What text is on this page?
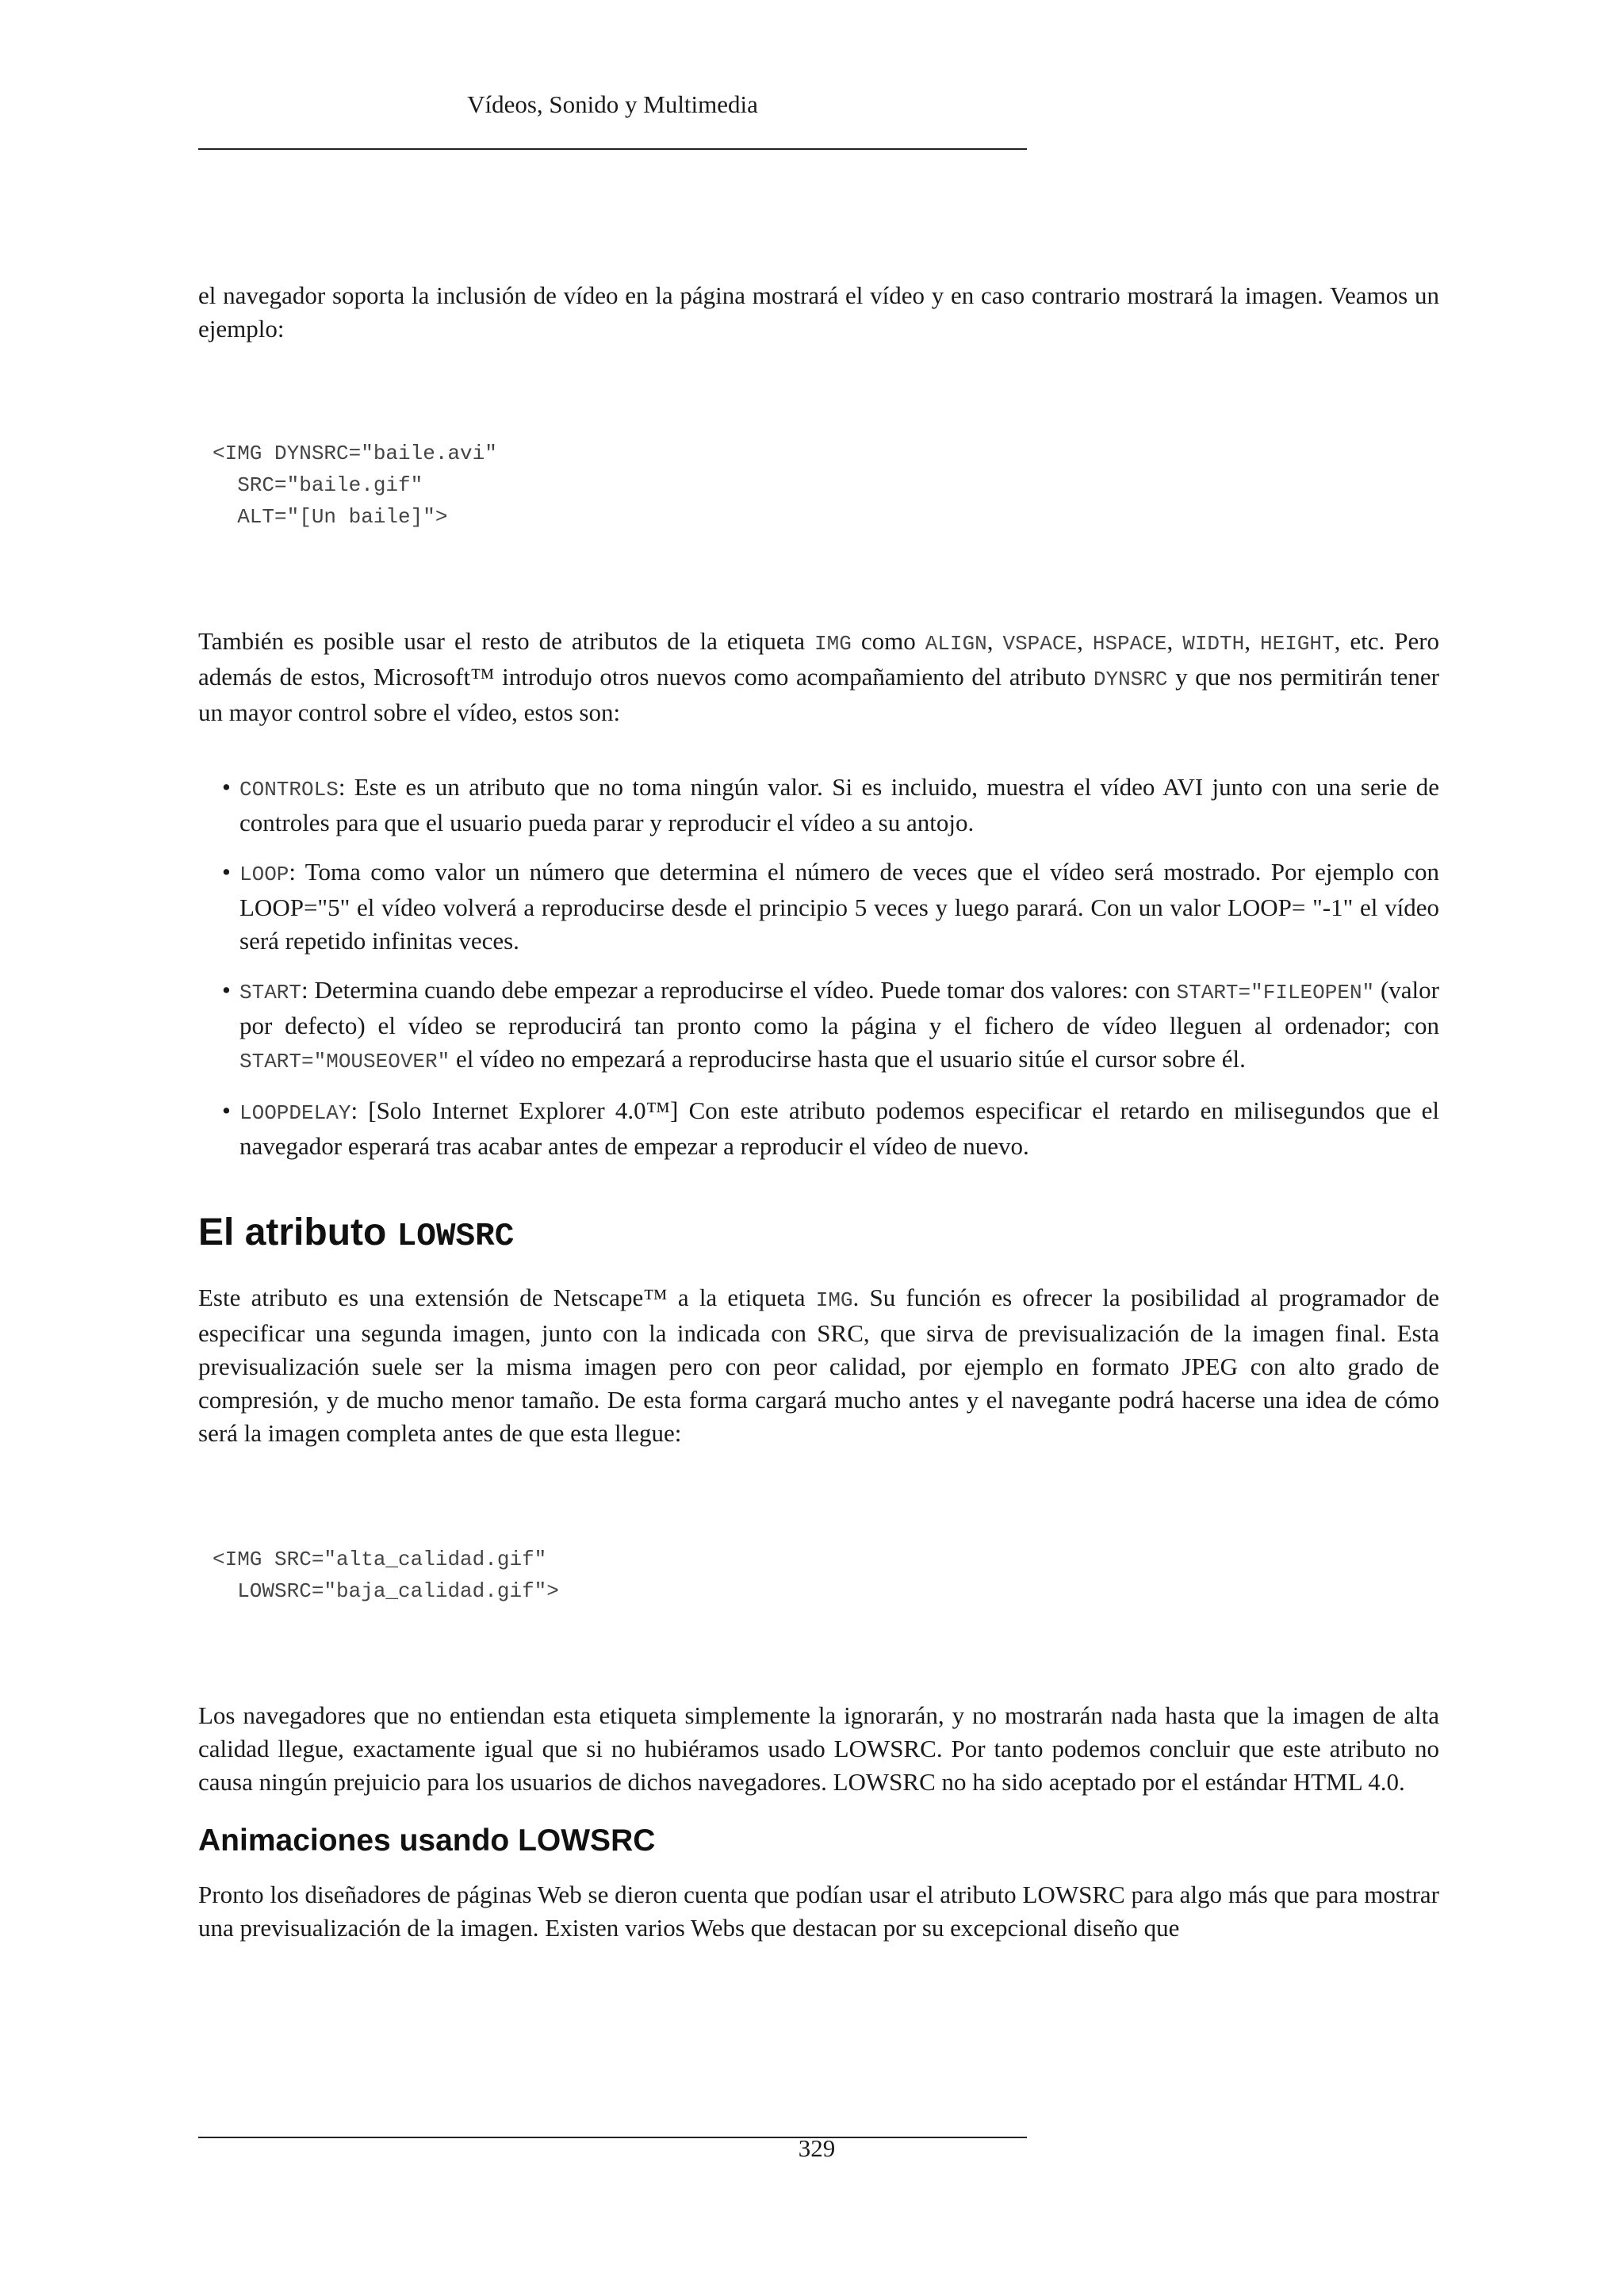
Vídeos, Sonido y Multimedia

el navegador soporta la inclusión de vídeo en la página mostrará el vídeo y en caso contrario mostrará la imagen. Veamos un ejemplo:

<IMG DYNSRC="baile.avi"
SRC="baile.gif"
ALT="[Un baile]">

También es posible usar el resto de atributos de la etiqueta IMG como ALIGN, VSPACE, HSPACE, WIDTH, HEIGHT, etc. Pero además de estos, Microsoft™ introdujo otros nuevos como acompañamiento del atributo DYNSRC y que nos permitirán tener un mayor control sobre el vídeo, estos son:

• CONTROLS: Este es un atributo que no toma ningún valor. Si es incluido, muestra el vídeo AVI junto con una serie de controles para que el usuario pueda parar y reproducir el vídeo a su antojo.
• LOOP: Toma como valor un número que determina el número de veces que el vídeo será mostrado. Por ejemplo con LOOP="5" el vídeo volverá a reproducirse desde el principio 5 veces y luego parará. Con un valor LOOP= "-1" el vídeo será repetido infinitas veces.
• START: Determina cuando debe empezar a reproducirse el vídeo. Puede tomar dos valores: con START="FILEOPEN" (valor por defecto) el vídeo se reproducirá tan pronto como la página y el fichero de vídeo lleguen al ordenador; con START="MOUSEOVER" el vídeo no empezará a reproducirse hasta que el usuario sitúe el cursor sobre él.
• LOOPDELAY: [Solo Internet Explorer 4.0™] Con este atributo podemos especificar el retardo en milisegundos que el navegador esperará tras acabar antes de empezar a reproducir el vídeo de nuevo.
El atributo LOWSRC

Este atributo es una extensión de Netscape™ a la etiqueta IMG. Su función es ofrecer la posibilidad al programador de especificar una segunda imagen, junto con la indicada con SRC, que sirva de previsualización de la imagen final. Esta previsualización suele ser la misma imagen pero con peor calidad, por ejemplo en formato JPEG con alto grado de compresión, y de mucho menor tamaño. De esta forma cargará mucho antes y el navegante podrá hacerse una idea de cómo será la imagen completa antes de que esta llegue:

<IMG SRC="alta_calidad.gif"
LOWSRC="baja_calidad.gif">

Los navegadores que no entiendan esta etiqueta simplemente la ignorarán, y no mostrarán nada hasta que la imagen de alta calidad llegue, exactamente igual que si no hubiéramos usado LOWSRC. Por tanto podemos concluir que este atributo no causa ningún prejuicio para los usuarios de dichos navegadores. LOWSRC no ha sido aceptado por el estándar HTML 4.0.

Animaciones usando LOWSRC

Pronto los diseñadores de páginas Web se dieron cuenta que podían usar el atributo LOWSRC para algo más que para mostrar una previsualización de la imagen. Existen varios Webs que destacan por su excepcional diseño que

329
